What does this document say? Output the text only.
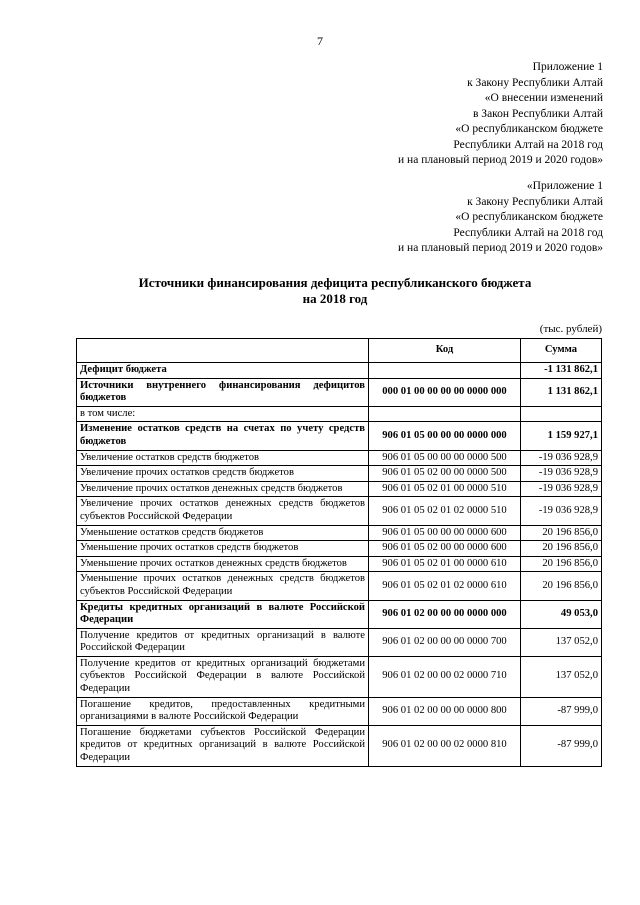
7
Приложение 1
к Закону Республики Алтай
«О внесении изменений
в Закон Республики Алтай
«О республиканском бюджете
Республики Алтай на 2018 год
и на плановый период 2019 и 2020 годов»
«Приложение 1
к Закону Республики Алтай
«О республиканском бюджете
Республики Алтай на 2018 год
и на плановый период 2019 и 2020 годов»
Источники финансирования дефицита республиканского бюджета
на 2018 год
(тыс. рублей)
	Код	Сумма
Дефицит бюджета		-1 131 862,1
Источники внутреннего финансирования дефицитов бюджетов	000 01 00 00 00 00 0000 000	1 131 862,1
в том числе:		
Изменение остатков средств на счетах по учету средств бюджетов	906 01 05 00 00 00 0000 000	1 159 927,1
Увеличение остатков средств бюджетов	906 01 05 00 00 00 0000 500	-19 036 928,9
Увеличение прочих остатков средств бюджетов	906 01 05 02 00 00 0000 500	-19 036 928,9
Увеличение прочих остатков денежных средств бюджетов	906 01 05 02 01 00 0000 510	-19 036 928,9
Увеличение прочих остатков денежных средств бюджетов субъектов Российской Федерации	906 01 05 02 01 02 0000 510	-19 036 928,9
Уменьшение остатков средств бюджетов	906 01 05 00 00 00 0000 600	20 196 856,0
Уменьшение прочих остатков средств бюджетов	906 01 05 02 00 00 0000 600	20 196 856,0
Уменьшение прочих остатков денежных средств бюджетов	906 01 05 02 01 00 0000 610	20 196 856,0
Уменьшение прочих остатков денежных средств бюджетов субъектов Российской Федерации	906 01 05 02 01 02 0000 610	20 196 856,0
Кредиты кредитных организаций в валюте Российской Федерации	906 01 02 00 00 00 0000 000	49 053,0
Получение кредитов от кредитных организаций в валюте Российской Федерации	906 01 02 00 00 00 0000 700	137 052,0
Получение кредитов от кредитных организаций бюджетами субъектов Российской Федерации в валюте Российской Федерации	906 01 02 00 00 02 0000 710	137 052,0
Погашение кредитов, предоставленных кредитными организациями в валюте Российской Федерации	906 01 02 00 00 00 0000 800	-87 999,0
Погашение бюджетами субъектов Российской Федерации кредитов от кредитных организаций в валюте Российской Федерации	906 01 02 00 00 02 0000 810	-87 999,0
